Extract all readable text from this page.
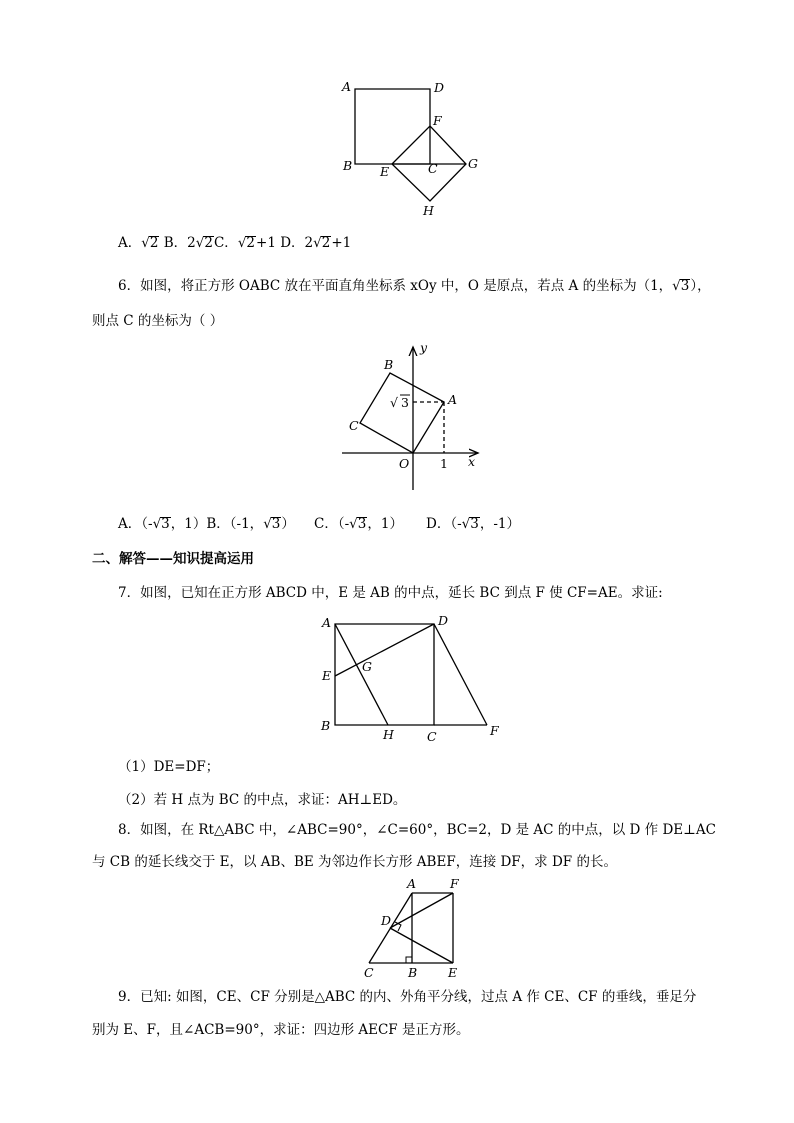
A	D
F
B E	C G
H
A．√2 B．2√2C．√2+1 D．2√2+1
6．如图，将正方形 OABC 放在平面直角坐标系 xOy 中，O 是原点，若点 A 的坐标为（1，√3），
则点 C 的坐标为（ ）
B
y
A
√ 3
C
O 1 x
A．（-√3，1）B．（-1，√3） C．（-√3，1） D．（-√3，-1）
二、解答——知识提高运用
7．如图，已知在正方形 ABCD 中，E 是 AB 的中点，延长 BC 到点 F 使 CF=AE。求证:
A	D
G
E
B
H	C	F
（1）DE=DF；
（2）若 H 点为 BC 的中点，求证：AH⊥ED。
8．如图，在 Rt△ABC 中，∠ABC=90°，∠C=60°，BC=2，D 是 AC 的中点，以 D 作 DE⊥AC
与 CB 的延长线交于 E，以 AB、BE 为邻边作长方形 ABEF，连接 DF，求 DF 的长。
A	F
D
C	B E
9．已知: 如图，CE、CF 分别是△ABC 的内、外角平分线，过点 A 作 CE、CF 的垂线，垂足分
别为 E、F，且∠ACB=90°，求证：四边形 AECF 是正方形。
